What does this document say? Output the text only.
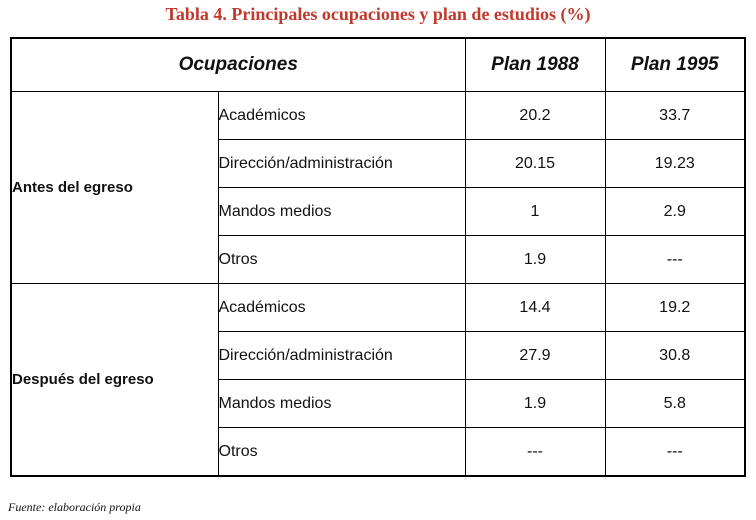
Tabla 4. Principales ocupaciones y plan de estudios (%)
Ocupaciones		Plan 1988	Plan 1995
Antes del egreso	Académicos	20.2	33.7
	Dirección/administración	20.15	19.23
	Mandos medios	1	2.9
	Otros	1.9	---
Después del egreso	Académicos	14.4	19.2
	Dirección/administración	27.9	30.8
	Mandos medios	1.9	5.8
	Otros	---	---
Fuente: elaboración propia
